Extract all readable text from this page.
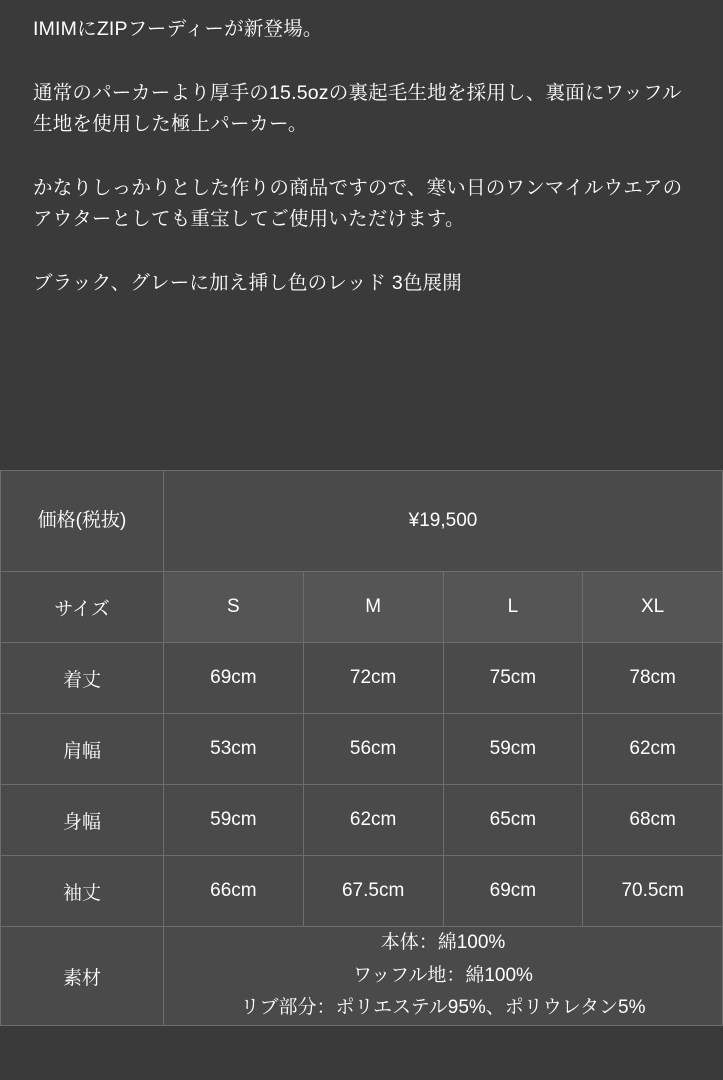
IMIMにZIPフーディーが新登場。

通常のパーカーより厚手の15.5ozの裏起毛生地を採用し、裏面にワッフル生地を使用した極上パーカー。

かなりしっかりとした作りの商品ですので、寒い日のワンマイルウエアのアウターとしても重宝してご使用いただけます。

ブラック、グレーに加え挿し色のレッド 3色展開

価格(税抜)	¥19,500			
サイズ	S	M	L	XL
着丈	69cm	72cm	75cm	78cm
肩幅	53cm	56cm	59cm	62cm
身幅	59cm	62cm	65cm	68cm
袖丈	66cm	67.5cm	69cm	70.5cm
素材	本体：綿100%
ワッフル地：綿100%
リブ部分：ポリエステル95%、ポリウレタン5%			
